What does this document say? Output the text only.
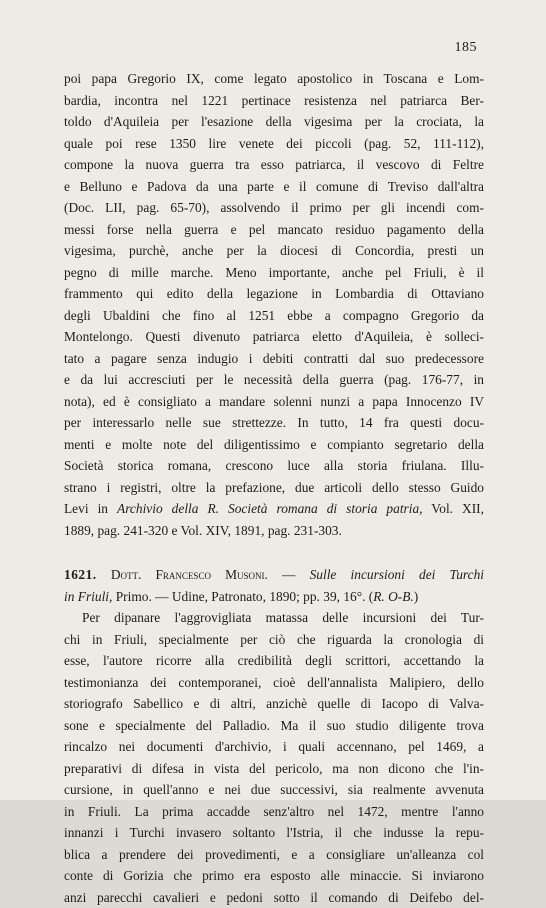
185
poi papa Gregorio IX, come legato apostolico in Toscana e Lom-
bardia, incontra nel 1221 pertinace resistenza nel patriarca Ber-
toldo d'Aquileia per l'esazione della vigesima per la crociata, la
quale poi rese 1350 lire venete dei piccoli (pag. 52, 111-112),
compone la nuova guerra tra esso patriarca, il vescovo di Feltre
e Belluno e Padova da una parte e il comune di Treviso dall'altra
(Doc. LII, pag. 65-70), assolvendo il primo per gli incendi com-
messi forse nella guerra e pel mancato residuo pagamento della
vigesima, purchè, anche per la diocesi di Concordia, presti un
pegno di mille marche. Meno importante, anche pel Friuli, è il
frammento qui edito della legazione in Lombardia di Ottaviano
degli Ubaldini che fino al 1251 ebbe a compagno Gregorio da
Montelongo. Questi divenuto patriarca eletto d'Aquileia, è solleci-
tato a pagare senza indugio i debiti contratti dal suo predecessore
e da lui accresciuti per le necessità della guerra (pag. 176-77, in
nota), ed è consigliato a mandare solenni nunzi a papa Innocenzo IV
per interessarlo nelle sue strettezze. In tutto, 14 fra questi docu-
menti e molte note del diligentissimo e compianto segretario della
Società storica romana, crescono luce alla storia friulana. Illu-
strano i registri, oltre la prefazione, due articoli dello stesso Guido
Levi in Archivio della R. Società romana di storia patria, Vol. XII,
1889, pag. 241-320 e Vol. XIV, 1891, pag. 231-303.
1621. Dott. Francesco Musoni. — Sulle incursioni dei Turchi
in Friuli, Primo. — Udine, Patronato, 1890; pp. 39, 16°. (R. O-B.)
Per dipanare l'aggrovigliata matassa delle incursioni dei Tur-
chi in Friuli, specialmente per ciò che riguarda la cronologia di
esse, l'autore ricorre alla credibilità degli scrittori, accettando la
testimonianza dei contemporanei, cioè dell'annalista Malipiero, dello
storiografo Sabellico e di altri, anzichè quelle di Iacopo di Valva-
sone e specialmente del Palladio. Ma il suo studio diligente trova
rincalzo nei documenti d'archivio, i quali accennano, pel 1469, a
preparativi di difesa in vista del pericolo, ma non dicono che l'in-
cursione, in quell'anno e nei due successivi, sia realmente avvenuta
in Friuli. La prima accadde senz'altro nel 1472, mentre l'anno
innanzi i Turchi invasero soltanto l'Istria, il che indusse la repu-
blica a prendere dei provedimenti, e a consigliare un'alleanza col
conte di Gorizia che primo era esposto alle minaccie. Si inviarono
anzi parecchi cavalieri e pedoni sotto il comando di Deifebo del-
